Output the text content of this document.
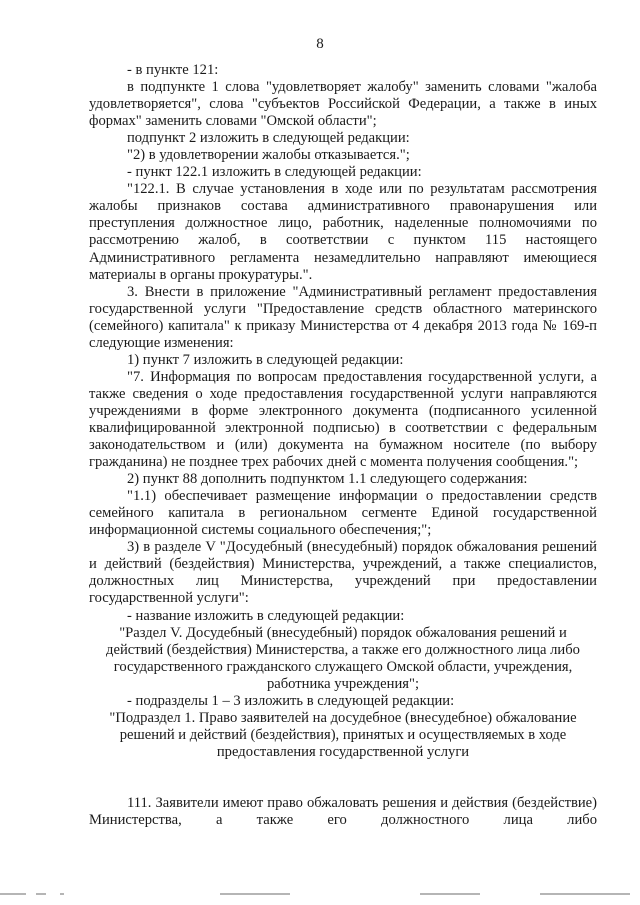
8

- в пункте 121:

в подпункте 1 слова "удовлетворяет жалобу" заменить словами "жалоба удовлетворяется", слова "субъектов Российской Федерации, а также в иных формах" заменить словами "Омской области";

подпункт 2 изложить в следующей редакции:

"2) в удовлетворении жалобы отказывается.";

- пункт 122.1 изложить в следующей редакции:

"122.1. В случае установления в ходе или по результатам рассмотрения жалобы признаков состава административного правонарушения или преступления должностное лицо, работник, наделенные полномочиями по рассмотрению жалоб, в соответствии с пунктом 115 настоящего Административного регламента незамедлительно направляют имеющиеся материалы в органы прокуратуры.".

3. Внести в приложение "Административный регламент предоставления государственной услуги "Предоставление средств областного материнского (семейного) капитала" к приказу Министерства от 4 декабря 2013 года № 169-п следующие изменения:

1) пункт 7 изложить в следующей редакции:

"7. Информация по вопросам предоставления государственной услуги, а также сведения о ходе предоставления государственной услуги направляются учреждениями в форме электронного документа (подписанного усиленной квалифицированной электронной подписью) в соответствии с федеральным законодательством и (или) документа на бумажном носителе (по выбору гражданина) не позднее трех рабочих дней с момента получения сообщения.";

2) пункт 88 дополнить подпунктом 1.1 следующего содержания:

"1.1) обеспечивает размещение информации о предоставлении средств семейного капитала в региональном сегменте Единой государственной информационной системы социального обеспечения;";

3) в разделе V "Досудебный (внесудебный) порядок обжалования решений и действий (бездействия) Министерства, учреждений, а также специалистов, должностных лиц Министерства, учреждений при предоставлении государственной услуги":

- название изложить в следующей редакции:

"Раздел V. Досудебный (внесудебный) порядок обжалования решений и действий (бездействия) Министерства, а также его должностного лица либо государственного гражданского служащего Омской области, учреждения, работника учреждения";

- подразделы 1 – 3 изложить в следующей редакции:

"Подраздел 1. Право заявителей на досудебное (внесудебное) обжалование решений и действий (бездействия), принятых и осуществляемых в ходе предоставления государственной услуги

111. Заявители имеют право обжаловать решения и действия (бездействие) Министерства, а также его должностного лица либо
